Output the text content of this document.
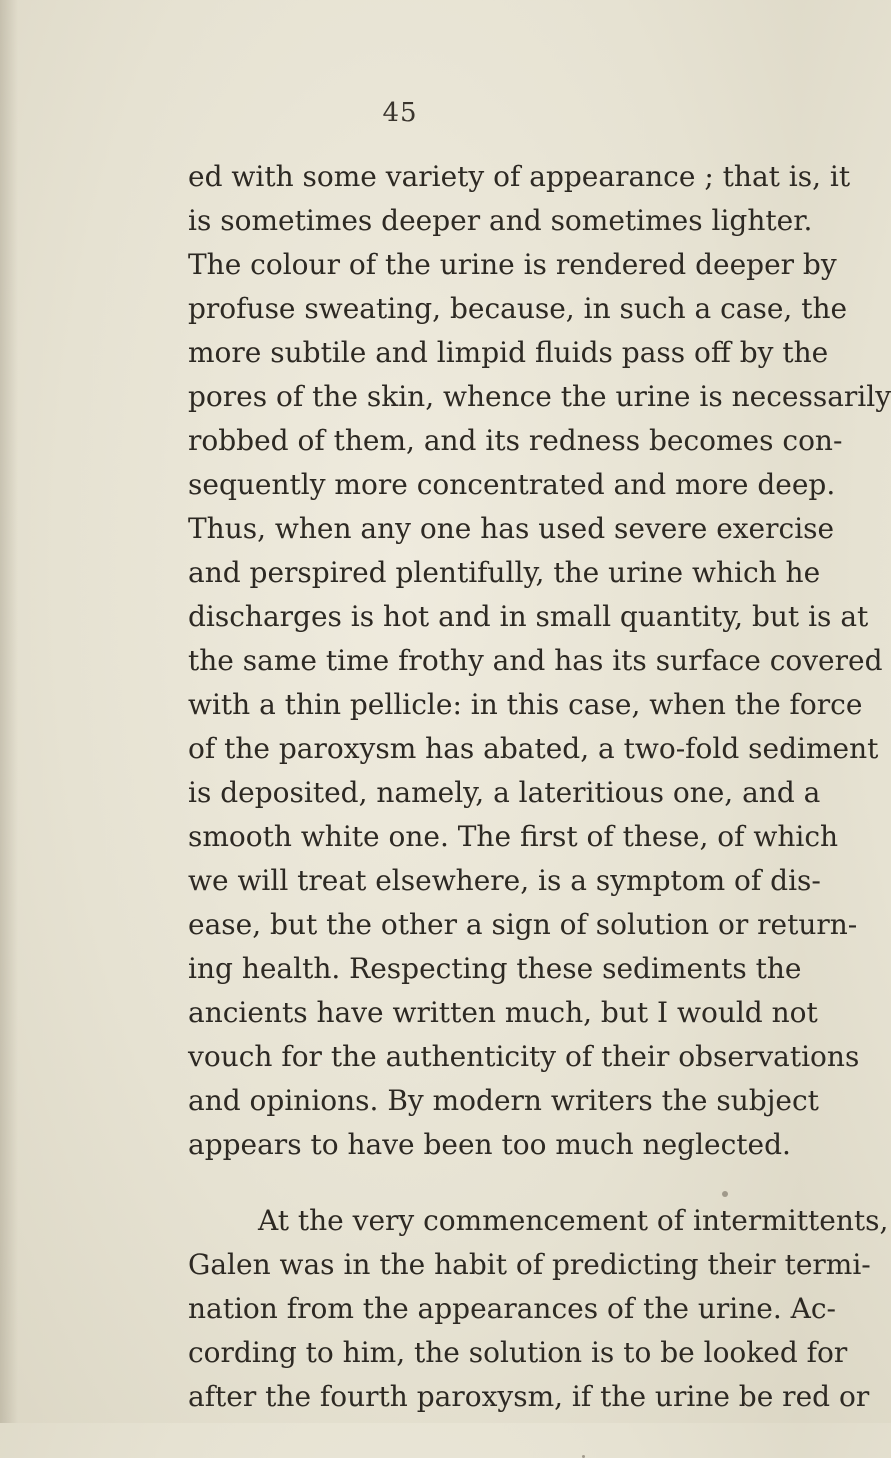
45
ed with some variety of appearance ; that is, it
is sometimes deeper and sometimes lighter.
The colour of the urine is rendered deeper by
profuse sweating, because, in such a case, the
more subtile and limpid fluids pass off by the
pores of the skin, whence the urine is necessarily
robbed of them, and its redness becomes con-
sequently more concentrated and more deep.
Thus, when any one has used severe exercise
and perspired plentifully, the urine which he
discharges is hot and in small quantity, but is at
the same time frothy and has its surface covered
with a thin pellicle: in this case, when the force
of the paroxysm has abated, a two-fold sediment
is deposited, namely, a lateritious one, and a
smooth white one. The first of these, of which
we will treat elsewhere, is a symptom of dis-
ease, but the other a sign of solution or return-
ing health. Respecting these sediments the
ancients have written much, but I would not
vouch for the authenticity of their observations
and opinions. By modern writers the subject
appears to have been too much neglected.
At the very commencement of intermittents,
Galen was in the habit of predicting their termi-
nation from the appearances of the urine. Ac-
cording to him, the solution is to be looked for
after the fourth paroxysm, if the urine be red or
